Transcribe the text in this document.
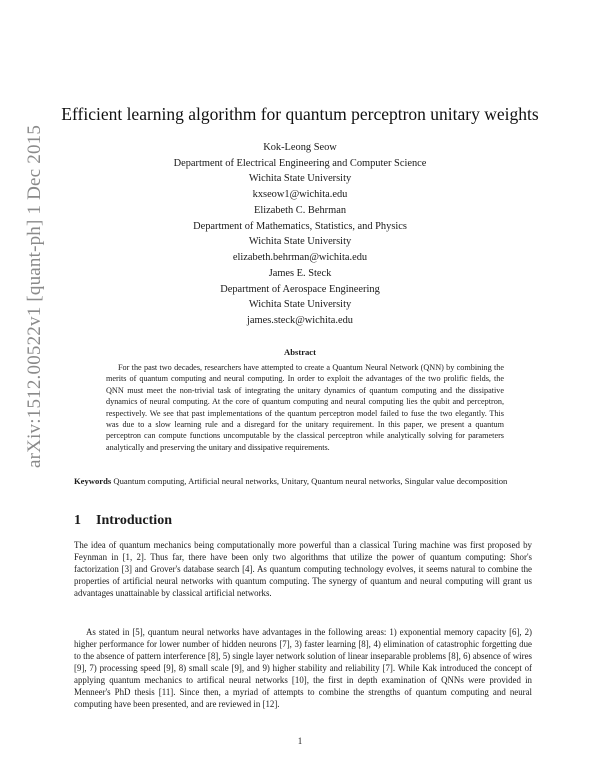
arXiv:1512.00522v1 [quant-ph] 1 Dec 2015
Efficient learning algorithm for quantum perceptron unitary weights
Kok-Leong Seow
Department of Electrical Engineering and Computer Science
Wichita State University
kxseow1@wichita.edu
Elizabeth C. Behrman
Department of Mathematics, Statistics, and Physics
Wichita State University
elizabeth.behrman@wichita.edu
James E. Steck
Department of Aerospace Engineering
Wichita State University
james.steck@wichita.edu
Abstract
For the past two decades, researchers have attempted to create a Quantum Neural Network (QNN) by combining the merits of quantum computing and neural computing. In order to exploit the advantages of the two prolific fields, the QNN must meet the non-trivial task of integrating the unitary dynamics of quantum computing and the dissipative dynamics of neural computing. At the core of quantum computing and neural computing lies the qubit and perceptron, respectively. We see that past implementations of the quantum perceptron model failed to fuse the two elegantly. This was due to a slow learning rule and a disregard for the unitary requirement. In this paper, we present a quantum perceptron can compute functions uncomputable by the classical perceptron while analytically solving for parameters analytically and preserving the unitary and dissipative requirements.
Keywords Quantum computing, Artificial neural networks, Unitary, Quantum neural networks, Singular value decomposition
1 Introduction
The idea of quantum mechanics being computationally more powerful than a classical Turing machine was first proposed by Feynman in [1, 2]. Thus far, there have been only two algorithms that utilize the power of quantum computing: Shor's factorization [3] and Grover's database search [4]. As quantum computing technology evolves, it seems natural to combine the properties of artificial neural networks with quantum computing. The synergy of quantum and neural computing will grant us advantages unattainable by classical artificial networks.
As stated in [5], quantum neural networks have advantages in the following areas: 1) exponential memory capacity [6], 2) higher performance for lower number of hidden neurons [7], 3) faster learning [8], 4) elimination of catastrophic forgetting due to the absence of pattern interference [8], 5) single layer network solution of linear inseparable problems [8], 6) absence of wires [9], 7) processing speed [9], 8) small scale [9], and 9) higher stability and reliability [7]. While Kak introduced the concept of applying quantum mechanics to artifical neural networks [10], the first in depth examination of QNNs were provided in Menneer's PhD thesis [11]. Since then, a myriad of attempts to combine the strengths of quantum computing and neural computing have been presented, and are reviewed in [12].
1
